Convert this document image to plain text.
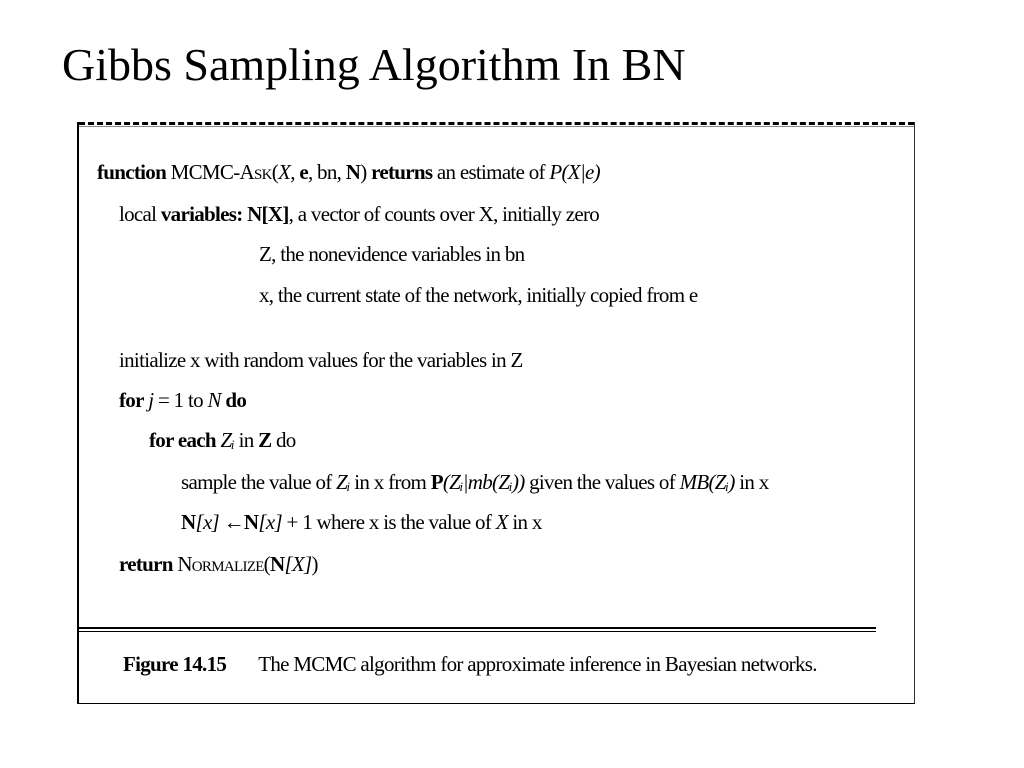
Gibbs Sampling Algorithm In BN
function MCMC-Ask(X, e, bn, N) returns an estimate of P(X|e)
local variables: N[X], a vector of counts over X, initially zero
Z, the nonevidence variables in bn
x, the current state of the network, initially copied from e
initialize x with random values for the variables in Z
for j = 1 to N do
for each Zᵢ in Z do
sample the value of Zᵢ in x from P(Zᵢ|mb(Zᵢ)) given the values of MB(Zᵢ) in x
N[x] ←N[x] + 1 where x is the value of X in x
return Normalize(N[X])
Figure 14.15 The MCMC algorithm for approximate inference in Bayesian networks.
